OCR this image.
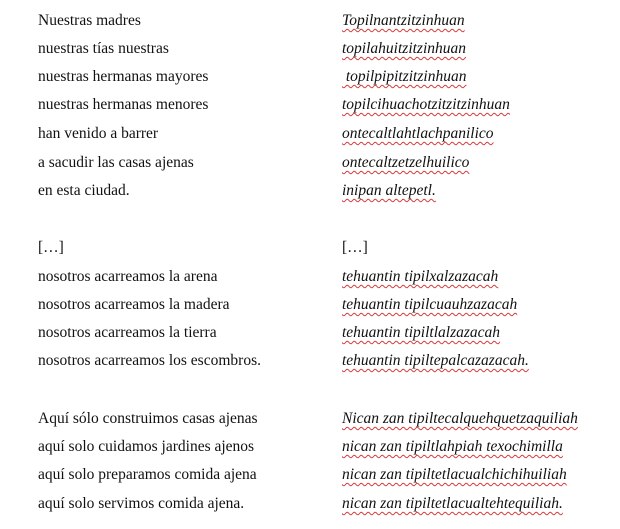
Nuestras madres	Topilnantzitzinhuan
nuestras tías nuestras	topilahuitzitzinhuan
nuestras hermanas mayores	topilpipitzitzinhuan
nuestras hermanas menores	topilcihuachotzitzitzinhuan
han venido a barrer	ontecaltlahtlachpanilico
a sacudir las casas ajenas	ontecaltzetzelhuilico
en esta ciudad.	inipan altepetl.
[…]	[…]
nosotros acarreamos la arena	tehuantin tipilxalzazacah
nosotros acarreamos la madera	tehuantin tipilcuauhzazacah
nosotros acarreamos la tierra	tehuantin tipiltlalzazacah
nosotros acarreamos los escombros.	tehuantin tipiltepalcazazacah.
Aquí sólo construimos casas ajenas	Nican zan tipiltecalquehquetzaquiliah
aquí solo cuidamos jardines ajenos	nican zan tipiltlahpiah texochimilla
aquí solo preparamos comida ajena	nican zan tipiltetlacualchichihuiliah
aquí solo servimos comida ajena.	nican zan tipiltetlacualtehtequiliah.
